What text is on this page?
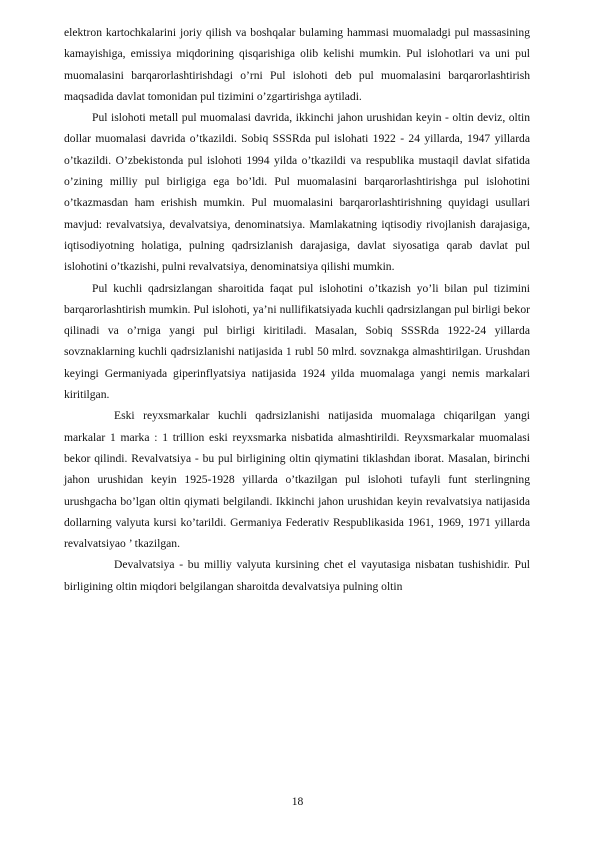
elektron kartochkalarini joriy qilish va boshqalar bulaming hammasi muomaladgi pul massasining kamayishiga, emissiya miqdorining qisqarishiga olib kelishi mumkin. Pul islohotlari va uni pul muomalasini barqarorlashtirishdagi o’rni Pul islohoti deb pul muomalasini barqarorlashtirish maqsadida davlat tomonidan pul tizimini o’zgartirishga aytiladi.

Pul islohoti metall pul muomalasi davrida, ikkinchi jahon urushidan keyin - oltin deviz, oltin dollar muomalasi davrida o’tkazildi. Sobiq SSSRda pul islohati 1922 - 24 yillarda, 1947 yillarda o’tkazildi. O’zbekistonda pul islohoti 1994 yilda o’tkazildi va respublika mustaqil davlat sifatida o’zining milliy pul birligiga ega bo’ldi. Pul muomalasini barqarorlashtirishga pul islohotini o’tkazmasdan ham erishish mumkin. Pul muomalasini barqarorlashtirishning quyidagi usullari mavjud: revalvatsiya, devalvatsiya, denominatsiya. Mamlakatning iqtisodiy rivojlanish darajasiga, iqtisodiyotning holatiga, pulning qadrsizlanish darajasiga, davlat siyosatiga qarab davlat pul islohotini o’tkazishi, pulni revalvatsiya, denominatsiya qilishi mumkin.

Pul kuchli qadrsizlangan sharoitida faqat pul islohotini o’tkazish yo’li bilan pul tizimini barqarorlashtirish mumkin. Pul islohoti, ya’ni nullifikatsiyada kuchli qadrsizlangan pul birligi bekor qilinadi va o’rniga yangi pul birligi kiritiladi. Masalan, Sobiq SSSRda 1922-24 yillarda sovznaklarning kuchli qadrsizlanishi natijasida 1 rubl 50 mlrd. sovznakga almashtirilgan. Urushdan keyingi Germaniyada giperinflyatsiya natijasida 1924 yilda muomalaga yangi nemis markalari kiritilgan.

Eski reyxsmarkalar kuchli qadrsizlanishi natijasida muomalaga chiqarilgan yangi markalar 1 marka : 1 trillion eski reyxsmarka nisbatida almashtirildi. Reyxsmarkalar muomalasi bekor qilindi. Revalvatsiya - bu pul birligining oltin qiymatini tiklashdan iborat. Masalan, birinchi jahon urushidan keyin 1925-1928 yillarda o’tkazilgan pul islohoti tufayli funt sterlingning urushgacha bo’lgan oltin qiymati belgilandi. Ikkinchi jahon urushidan keyin revalvatsiya natijasida dollarning valyuta kursi ko’tarildi. Germaniya Federativ Respublikasida 1961, 1969, 1971 yillarda revalvatsiyao ’ tkazilgan.

Devalvatsiya - bu milliy valyuta kursining chet el vayutasiga nisbatan tushishidir. Pul birligining oltin miqdori belgilangan sharoitda devalvatsiya pulning oltin

18
